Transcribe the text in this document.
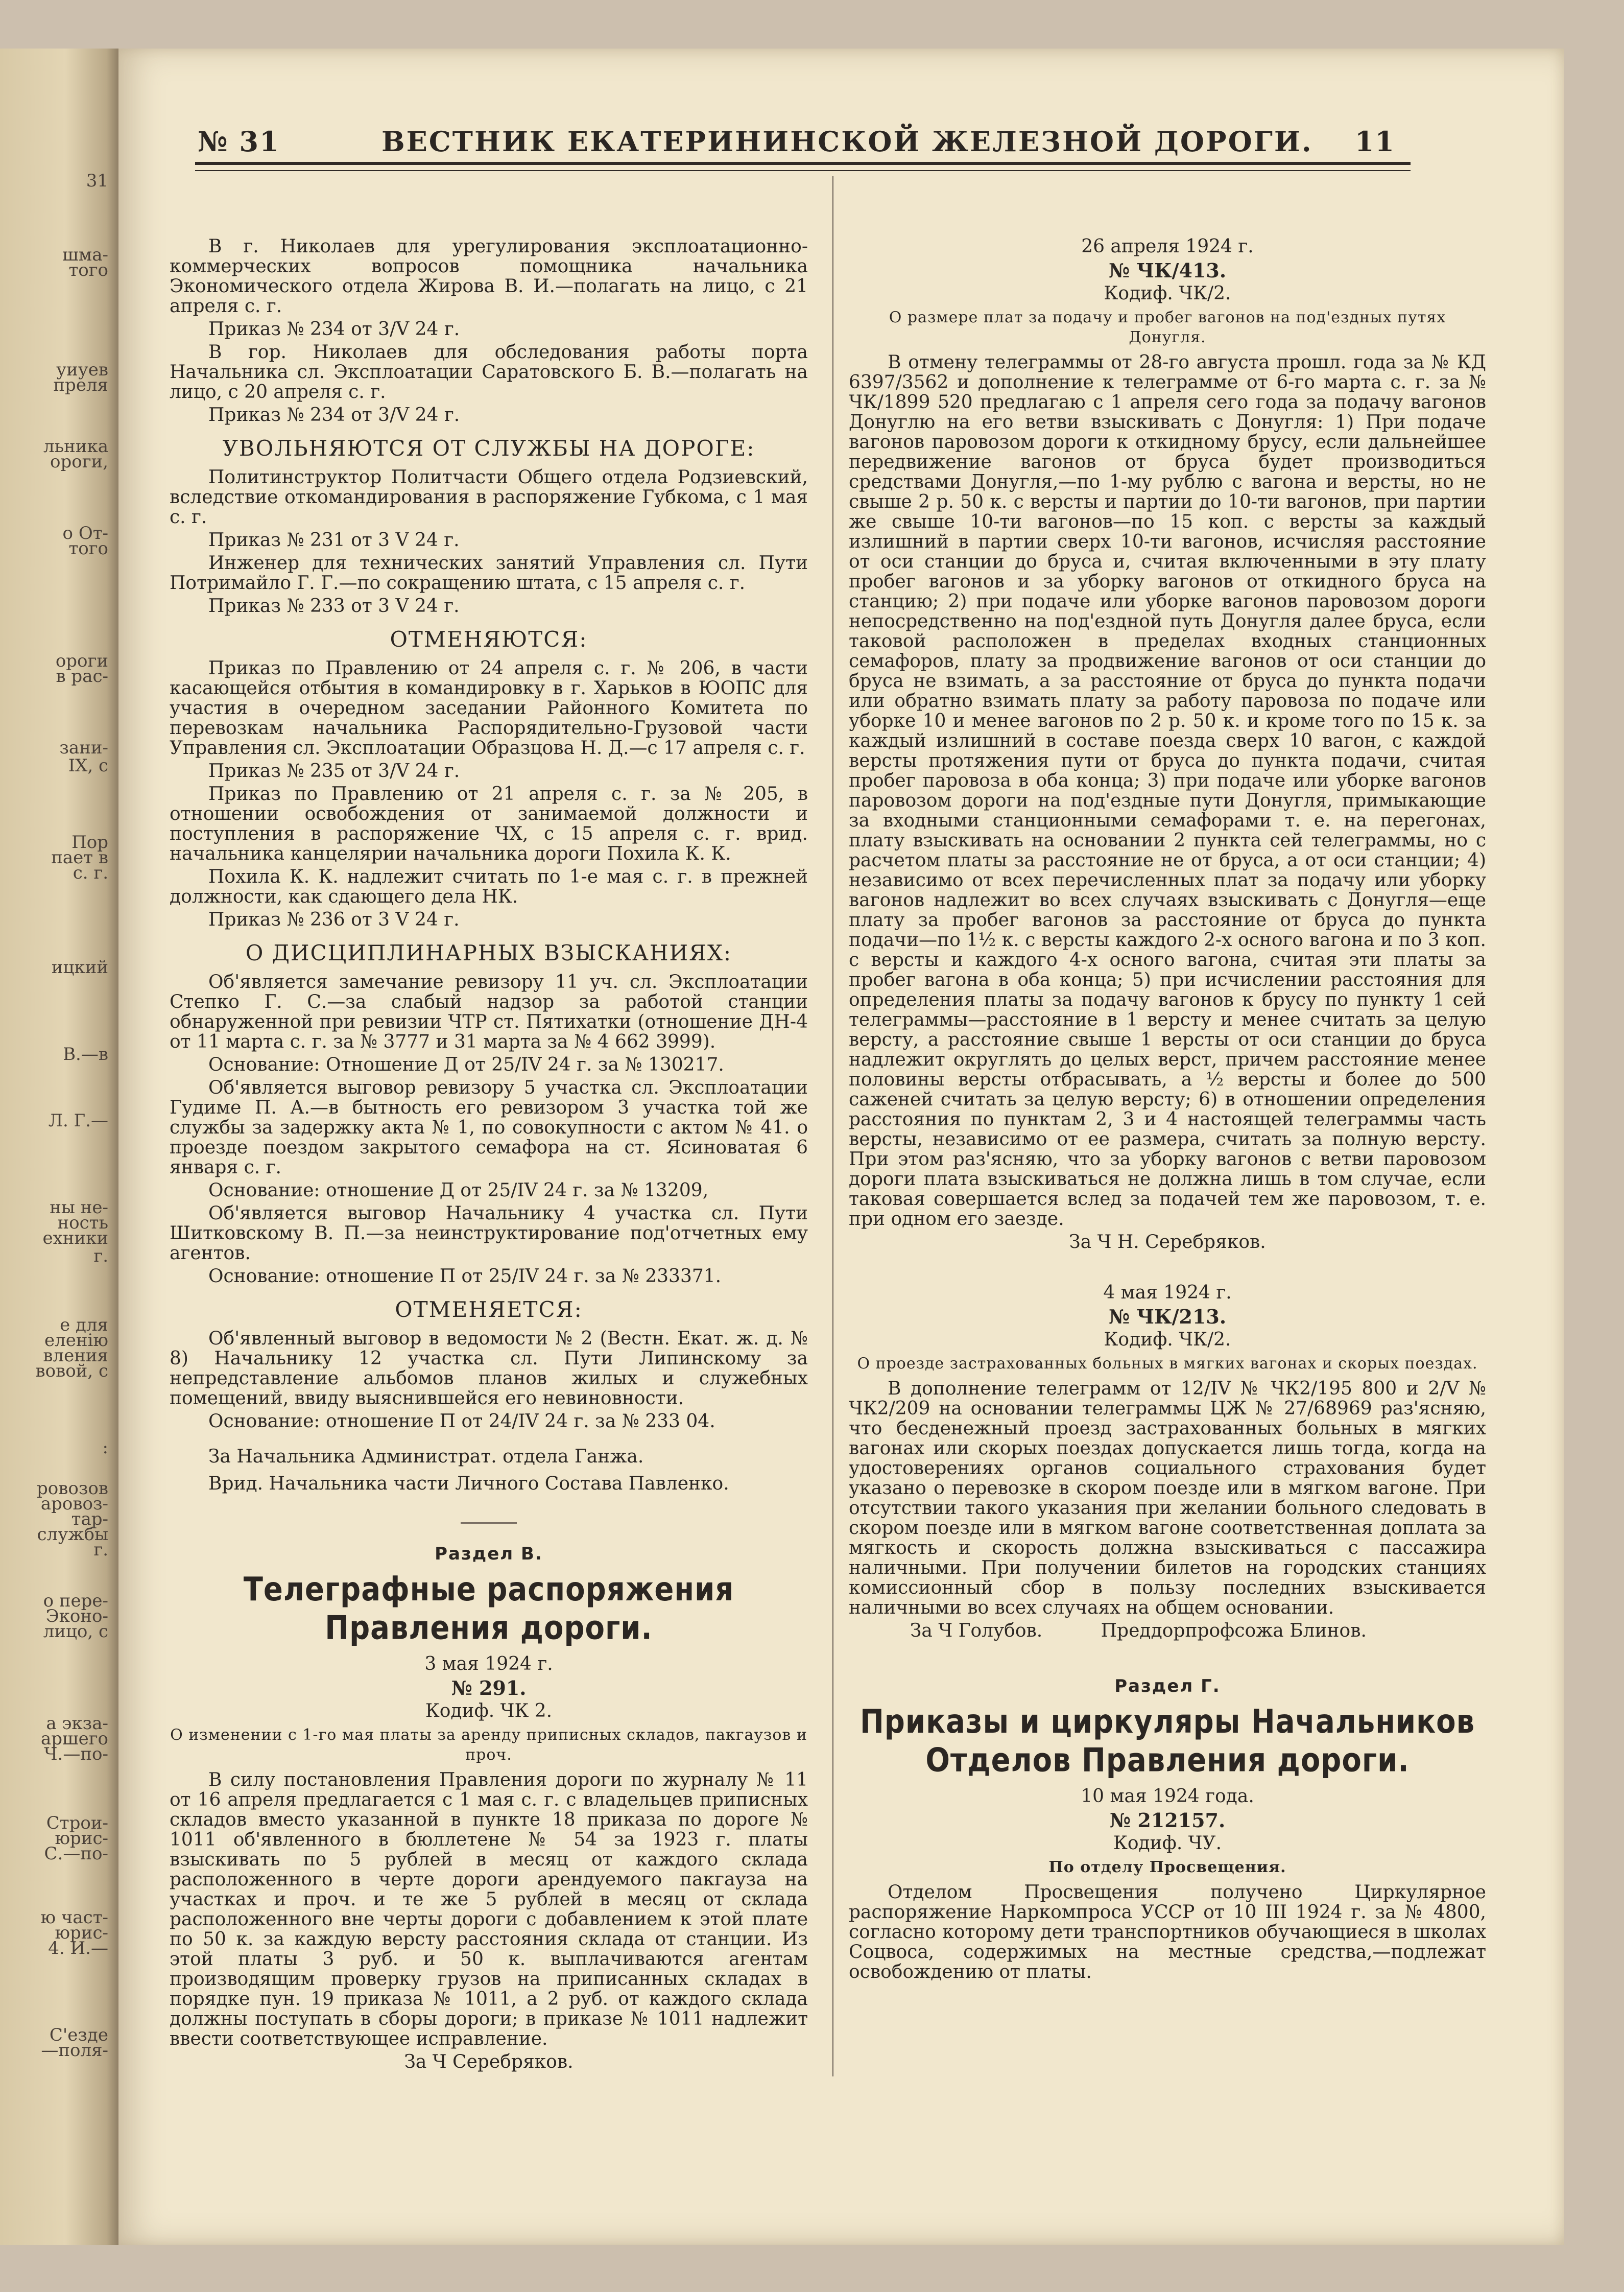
31
шма-
того
уиуев
преля
льника
ороги,
о От-
того
ороги
в рас-
зани-
ІХ, с
Пор
пает в
с. г.
ицкий
В.—в
Л. Г.—
ны не-
ность
ехники
г.
е для
еленію
вления
вовой, с
:
ровозов
аровоз-
тар-
службы
г.
о пере-
Эконо-
лицо, с
а экза-
аршего
Ч.—по-
Строи-
юрис-
С.—по-
ю част-
юрис-
4. И.—
С'езде
—поля-
№ 31	ВЕСТНИК ЕКАТЕРИНИНСКОЙ ЖЕЛЕЗНОЙ ДОРОГИ. 11

В г. Николаев для урегулирования эксплоатационно-коммерческих вопросов помощника начальника Экономического отдела Жирова В. И.—полагать на лицо, с 21 апреля с. г.

Приказ № 234 от 3/V 24 г.

В гор. Николаев для обследования работы порта Начальника сл. Эксплоатации Саратовского Б. В.—полагать на лицо, с 20 апреля с. г.

Приказ № 234 от 3/V 24 г.

УВОЛЬНЯЮТСЯ ОТ СЛУЖБЫ НА ДОРОГЕ:

Политинструктор Политчасти Общего отдела Родзиевский, вследствие откомандирования в распоряжение Губкома, с 1 мая с. г.

Приказ № 231 от 3 V 24 г.

Инженер для технических занятий Управления сл. Пути Потримайло Г. Г.—по сокращению штата, с 15 апреля с. г.

Приказ № 233 от 3 V 24 г.

ОТМЕНЯЮТСЯ:

Приказ по Правлению от 24 апреля с. г. № 206, в части касающейся отбытия в командировку в г. Харьков в ЮОПС для участия в очередном заседании Районного Комитета по перевозкам начальника Распорядительно-Грузовой части Управления сл. Эксплоатации Образцова Н. Д.—с 17 апреля с. г.

Приказ № 235 от 3/V 24 г.

Приказ по Правлению от 21 апреля с. г. за № 205, в отношении освобождения от занимаемой должности и поступления в распоряжение ЧХ, с 15 апреля с. г. врид. начальника канцелярии начальника дороги Похила К. К.

Похила К. К. надлежит считать по 1-е мая с. г. в прежней должности, как сдающего дела НК.

Приказ № 236 от 3 V 24 г.

О ДИСЦИПЛИНАРНЫХ ВЗЫСКАНИЯХ:

Об'является замечание ревизору 11 уч. сл. Эксплоатации Степко Г. С.—за слабый надзор за работой станции обнаруженной при ревизии ЧТР ст. Пятихатки (отношение ДН-4 от 11 марта с. г. за № 3777 и 31 марта за № 4 662 3999).

Основание: Отношение Д от 25/IV 24 г. за № 130217.

Об'является выговор ревизору 5 участка сл. Эксплоатации Гудиме П. А.—в бытность его ревизором 3 участка той же службы за задержку акта № 1, по совокупности с актом № 41. о проезде поездом закрытого семафора на ст. Ясиноватая 6 января с. г.

Основание: отношение Д от 25/IV 24 г. за № 13209,

Об'является выговор Начальнику 4 участка сл. Пути Шитковскому В. П.—за неинструктирование под'отчетных ему агентов.

Основание: отношение П от 25/IV 24 г. за № 233371.

ОТМЕНЯЕТСЯ:

Об'явленный выговор в ведомости № 2 (Вестн. Екат. ж. д. № 8) Начальнику 12 участка сл. Пути Липинскому за непредставление альбомов планов жилых и служебных помещений, ввиду выяснившейся его невиновности.

Основание: отношение П от 24/IV 24 г. за № 233 04.

За Начальника Администрат. отдела Ганжа.

Врид. Начальника части Личного Состава Павленко.

Раздел В.
Телеграфные распоряжения Правления дороги.
3 мая 1924 г.
№ 291.
Кодиф. ЧК 2.
О изменении с 1-го мая платы за аренду приписных складов, пакгаузов и проч.

В силу постановления Правления дороги по журналу № 11 от 16 апреля предлагается с 1 мая с. г. с владельцев приписных складов вместо указанной в пункте 18 приказа по дороге № 1011 об'явленного в бюллетене № 54 за 1923 г. платы взыскивать по 5 рублей в месяц от каждого склада расположенного в черте дороги арендуемого пакгауза на участках и проч. и те же 5 рублей в месяц от склада расположенного вне черты дороги с добавлением к этой плате по 50 к. за каждую версту расстояния склада от станции. Из этой платы 3 руб. и 50 к. выплачиваются агентам производящим проверку грузов на приписанных складах в порядке пун. 19 приказа № 1011, а 2 руб. от каждого склада должны поступать в сборы дороги; в приказе № 1011 надлежит ввести соответствующее исправление.

За Ч Серебряков.

26 апреля 1924 г.
№ ЧК/413.
Кодиф. ЧК/2.
О размере плат за подачу и пробег вагонов на под'ездных путях Донугля.

В отмену телеграммы от 28-го августа прошл. года за № КД 6397/3562 и дополнение к телеграмме от 6-го марта с. г. за № ЧК/1899 520 предлагаю с 1 апреля сего года за подачу вагонов Донуглю на его ветви взыскивать с Донугля: 1) При подаче вагонов паровозом дороги к откидному брусу, если дальнейшее передвижение вагонов от бруса будет производиться средствами Донугля,—по 1-му рублю с вагона и версты, но не свыше 2 р. 50 к. с версты и партии до 10-ти вагонов, при партии же свыше 10-ти вагонов—по 15 коп. с версты за каждый излишний в партии сверх 10-ти вагонов, исчисляя расстояние от оси станции до бруса и, считая включенными в эту плату пробег вагонов и за уборку вагонов от откидного бруса на станцию; 2) при подаче или уборке вагонов паровозом дороги непосредственно на под'ездной путь Донугля далее бруса, если таковой расположен в пределах входных станционных семафоров, плату за продвижение вагонов от оси станции до бруса не взимать, а за расстояние от бруса до пункта подачи или обратно взимать плату за работу паровоза по подаче или уборке 10 и менее вагонов по 2 р. 50 к. и кроме того по 15 к. за каждый излишний в составе поезда сверх 10 вагон, с каждой версты протяжения пути от бруса до пункта подачи, считая пробег паровоза в оба конца; 3) при подаче или уборке вагонов паровозом дороги на под'ездные пути Донугля, примыкающие за входными станционными семафорами т. е. на перегонах, плату взыскивать на основании 2 пункта сей телеграммы, но с расчетом платы за расстояние не от бруса, а от оси станции; 4) независимо от всех перечисленных плат за подачу или уборку вагонов надлежит во всех случаях взыскивать с Донугля—еще плату за пробег вагонов за расстояние от бруса до пункта подачи—по 1½ к. с версты каждого 2-х осного вагона и по 3 коп. с версты и каждого 4-х осного вагона, считая эти платы за пробег вагона в оба конца; 5) при исчислении расстояния для определения платы за подачу вагонов к брусу по пункту 1 сей телеграммы—расстояние в 1 версту и менее считать за целую версту, а расстояние свыше 1 версты от оси станции до бруса надлежит округлять до целых верст, причем расстояние менее половины версты отбрасывать, а ½ версты и более до 500 саженей считать за целую версту; 6) в отношении определения расстояния по пунктам 2, 3 и 4 настоящей телеграммы часть версты, независимо от ее размера, считать за полную версту. При этом раз'ясняю, что за уборку вагонов с ветви паровозом дороги плата взыскиваться не должна лишь в том случае, если таковая совершается вслед за подачей тем же паровозом, т. е. при одном его заезде.

За Ч Н. Серебряков.

4 мая 1924 г.
№ ЧК/213.
Кодиф. ЧК/2.
О проезде застрахованных больных в мягких вагонах и скорых поездах.

В дополнение телеграмм от 12/IV № ЧК2/195 800 и 2/V № ЧК2/209 на основании телеграммы ЦЖ № 27/68969 раз'ясняю, что бесденежный проезд застрахованных больных в мягких вагонах или скорых поездах допускается лишь тогда, когда на удостоверениях органов социального страхования будет указано о перевозке в скором поезде или в мягком вагоне. При отсутствии такого указания при желании больного следовать в скором поезде или в мягком вагоне соответственная доплата за мягкость и скорость должна взыскиваться с пассажира наличными. При получении билетов на городских станциях комиссионный сбор в пользу последних взыскивается наличными во всех случаях на общем основании.

За Ч Голубов.          Преддорпрофсожа Блинов.

Раздел Г.
Приказы и циркуляры Начальников Отделов Правления дороги.
10 мая 1924 года.
№ 212157.
Кодиф. ЧУ.
По отделу Просвещения.

Отделом Просвещения получено Циркулярное распоряжение Наркомпроса УССР от 10 III 1924 г. за № 4800, согласно которому дети транспортников обучающиеся в школах Соцвоса, содержимых на местные средства,—подлежат освобождению от платы.
